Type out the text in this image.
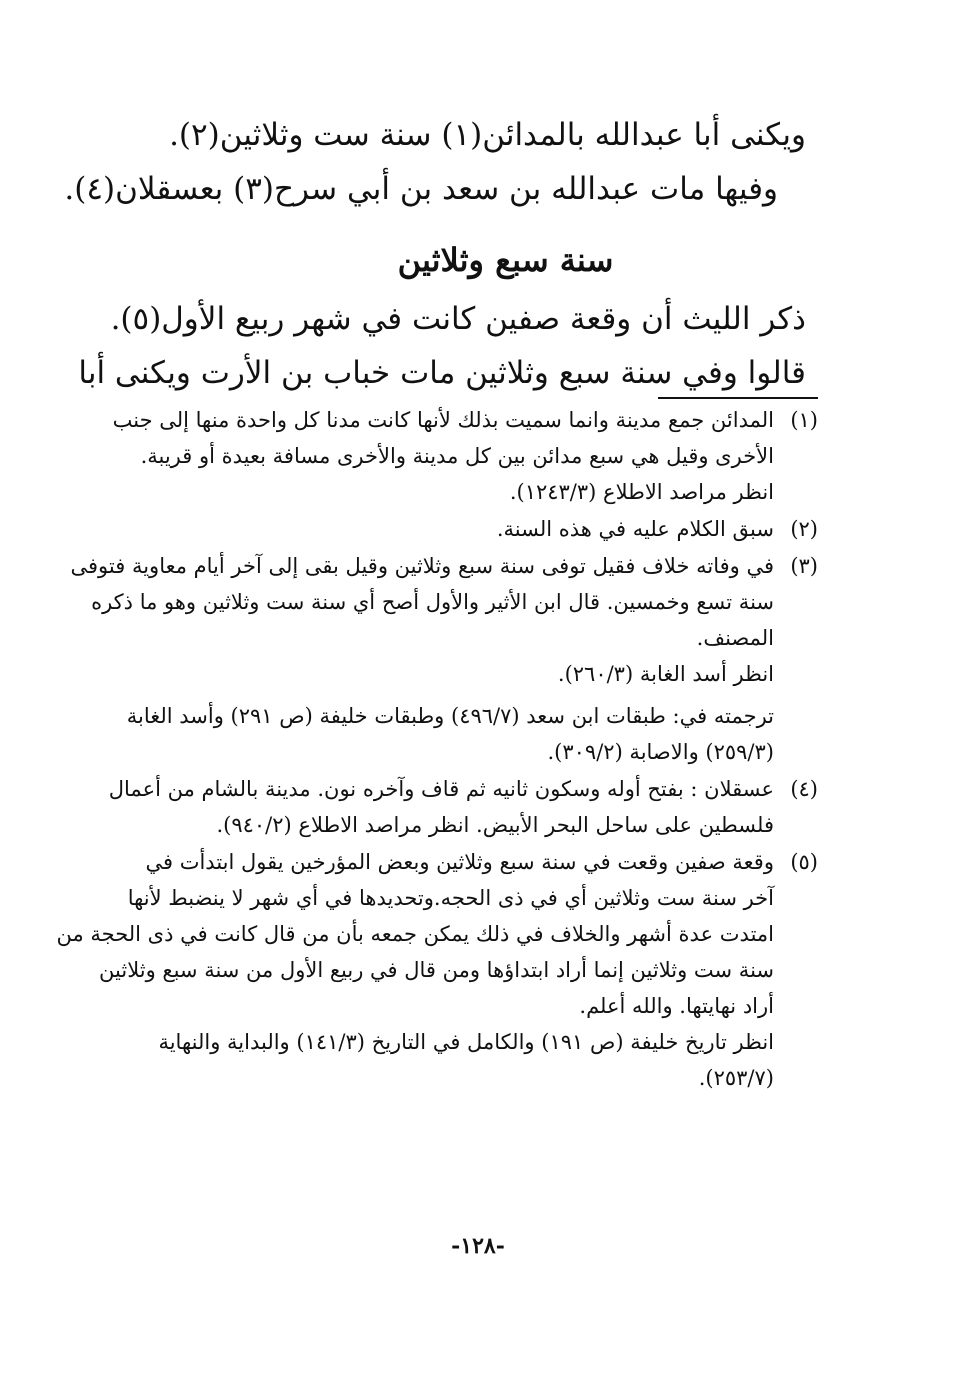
ويكنى أبا عبدالله بالمدائن(١) سنة ست وثلاثين(٢).

وفيها مات عبدالله بن سعد بن أبي سرح(٣) بعسقلان(٤).

سنة سبع وثلاثين

ذكر الليث أن وقعة صفين كانت في شهر ربيع الأول(٥).

قالوا وفي سنة سبع وثلاثين مات خباب بن الأرت ويكنى أبا

(١)

المدائن جمع مدينة وانما سميت بذلك لأنها كانت مدنا كل واحدة منها إلى جنب

الأخرى وقيل هي سبع مدائن بين كل مدينة والأخرى مسافة بعيدة أو قريبة.

انظر مراصد الاطلاع (١٢٤٣/٣).

(٢)

سبق الكلام عليه في هذه السنة.

(٣)

في وفاته خلاف فقيل توفى سنة سبع وثلاثين وقيل بقى إلى آخر أيام معاوية فتوفى

سنة تسع وخمسين. قال ابن الأثير والأول أصح أي سنة ست وثلاثين وهو ما ذكره

المصنف.

انظر أسد الغابة (٢٦٠/٣).

ترجمته في: طبقات ابن سعد (٤٩٦/٧) وطبقات خليفة (ص ٢٩١) وأسد الغابة

(٢٥٩/٣) والاصابة (٣٠٩/٢).

(٤)

عسقلان : بفتح أوله وسكون ثانيه ثم قاف وآخره نون. مدينة بالشام من أعمال

فلسطين على ساحل البحر الأبيض. انظر مراصد الاطلاع (٩٤٠/٢).

(٥)

وقعة صفين وقعت في سنة سبع وثلاثين وبعض المؤرخين يقول ابتدأت في

آخر سنة ست وثلاثين أي في ذى الحجه.وتحديدها في أي شهر لا ينضبط لأنها

امتدت عدة أشهر والخلاف في ذلك يمكن جمعه بأن من قال كانت في ذى الحجة من

سنة ست وثلاثين إنما أراد ابتداؤها ومن قال في ربيع الأول من سنة سبع وثلاثين

أراد نهايتها. والله أعلم.

انظر تاريخ خليفة (ص ١٩١) والكامل في التاريخ (١٤١/٣) والبداية والنهاية

(٢٥٣/٧).

-١٢٨-
